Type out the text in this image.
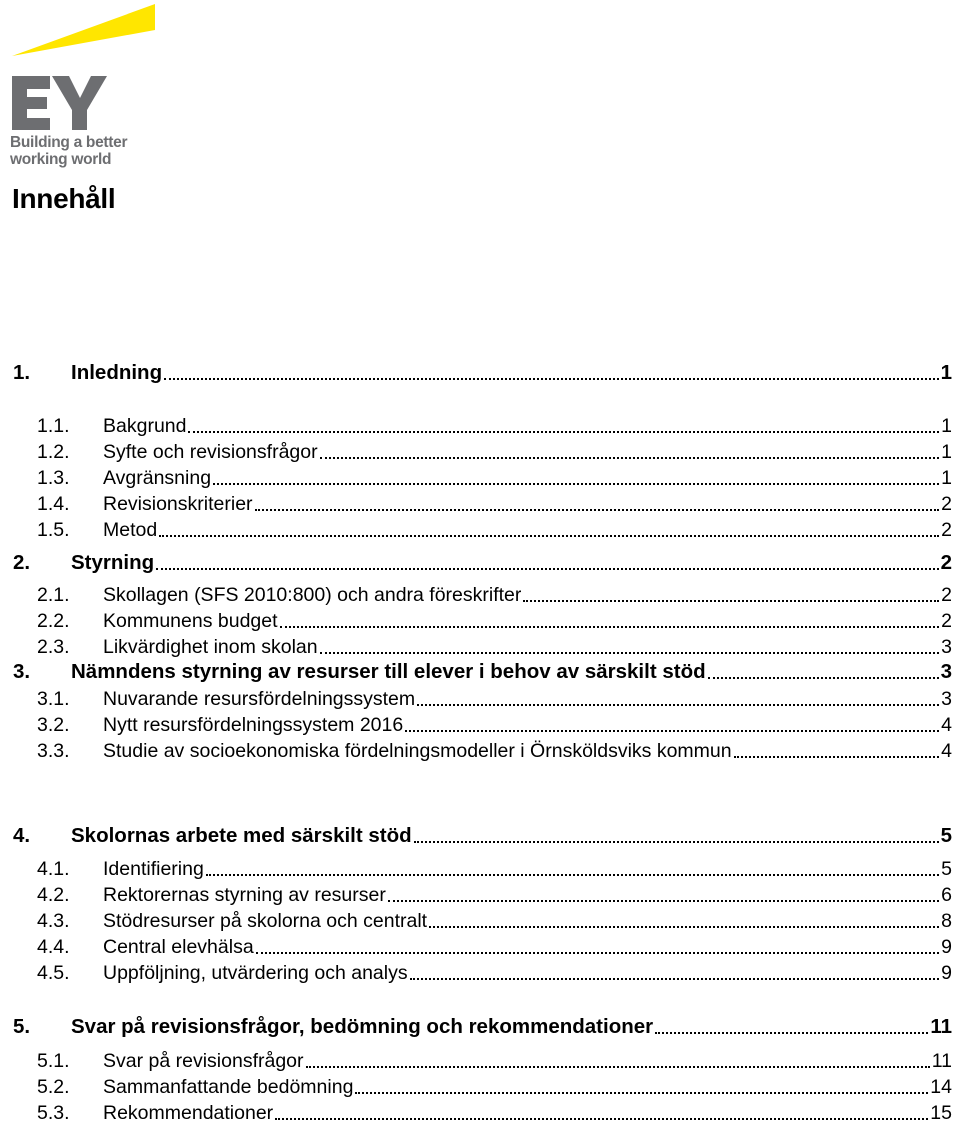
Building a better
working world
Innehåll
1.	Inledning	1
1.1.	Bakgrund	1
1.2.	Syfte och revisionsfrågor	1
1.3.	Avgränsning	1
1.4.	Revisionskriterier	2
1.5.	Metod	2
2.	Styrning	2
2.1.	Skollagen (SFS 2010:800) och andra föreskrifter	2
2.2.	Kommunens budget	2
2.3.	Likvärdighet inom skolan	3
3.	Nämndens styrning av resurser till elever i behov av särskilt stöd	3
3.1.	Nuvarande resursfördelningssystem	3
3.2.	Nytt resursfördelningssystem 2016	4
3.3.	Studie av socioekonomiska fördelningsmodeller i Örnsköldsviks kommun	4
4.	Skolornas arbete med särskilt stöd	5
4.1.	Identifiering	5
4.2.	Rektorernas styrning av resurser	6
4.3.	Stödresurser på skolorna och centralt	8
4.4.	Central elevhälsa	9
4.5.	Uppföljning, utvärdering och analys	9
5.	Svar på revisionsfrågor, bedömning och rekommendationer	11
5.1.	Svar på revisionsfrågor	11
5.2.	Sammanfattande bedömning	14
5.3.	Rekommendationer	15
